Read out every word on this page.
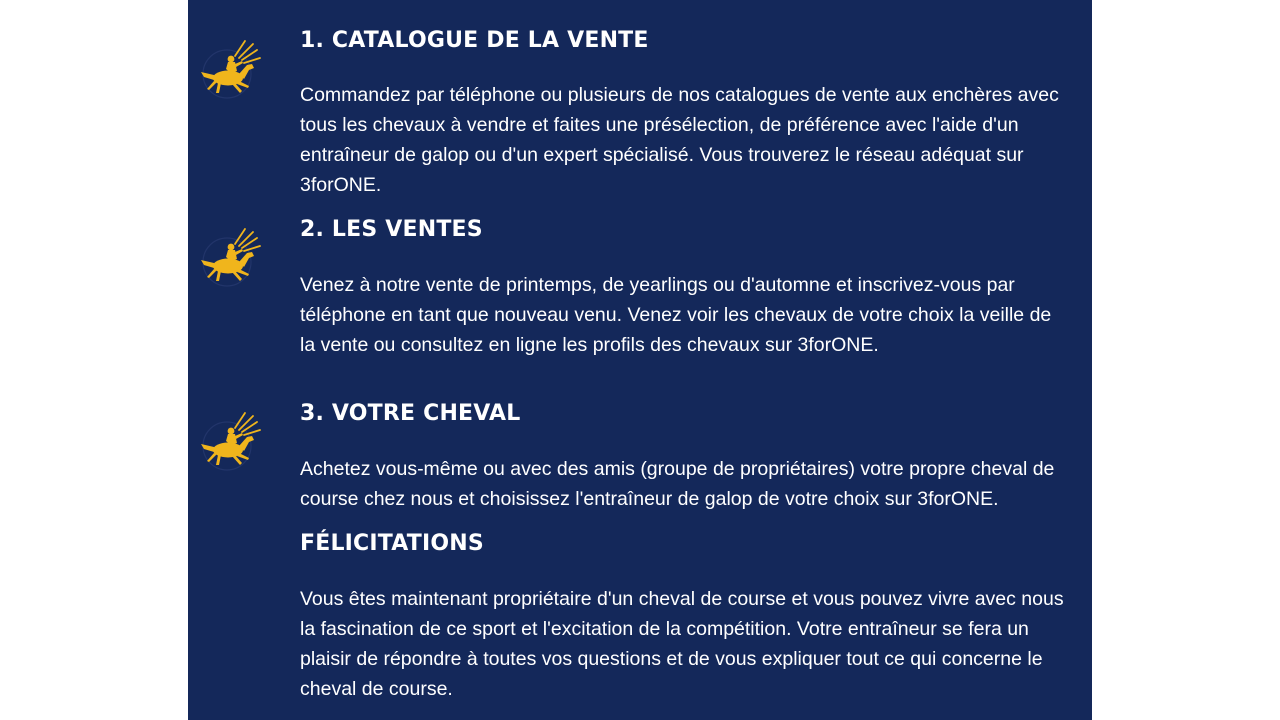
1. CATALOGUE DE LA VENTE
Commandez par téléphone ou plusieurs de nos catalogues de vente aux enchères avec
tous les chevaux à vendre et faites une présélection, de préférence avec l'aide d'un
entraîneur de galop ou d'un expert spécialisé. Vous trouverez le réseau adéquat sur
3forONE.
2. LES VENTES
Venez à notre vente de printemps, de yearlings ou d'automne et inscrivez-vous par
téléphone en tant que nouveau venu. Venez voir les chevaux de votre choix la veille de
la vente ou consultez en ligne les profils des chevaux sur 3forONE.
3. VOTRE CHEVAL
Achetez vous-même ou avec des amis (groupe de propriétaires) votre propre cheval de
course chez nous et choisissez l'entraîneur de galop de votre choix sur 3forONE.
FÉLICITATIONS
Vous êtes maintenant propriétaire d'un cheval de course et vous pouvez vivre avec nous
la fascination de ce sport et l'excitation de la compétition. Votre entraîneur se fera un
plaisir de répondre à toutes vos questions et de vous expliquer tout ce qui concerne le
cheval de course.
